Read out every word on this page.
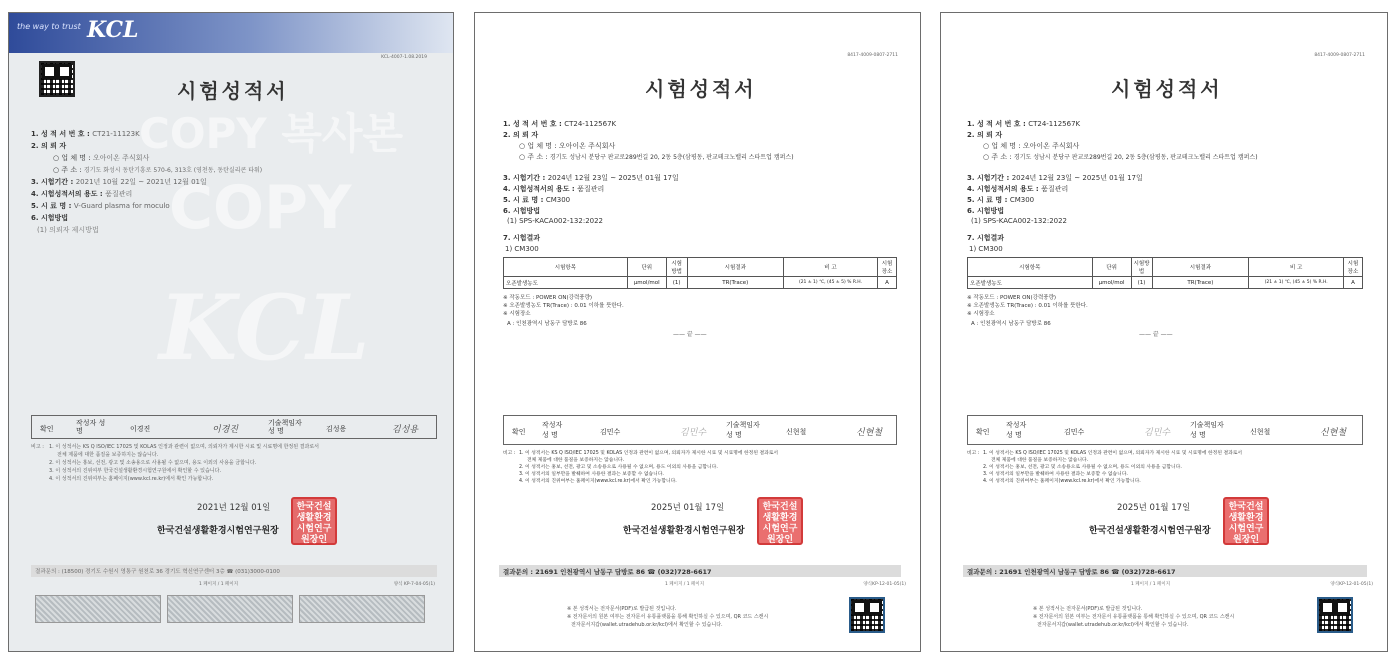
the way to trust KCL
COPY 복사본
COPY
KCL
KCL-4007-1.08.2019
시험성적서
1. 성 적 서 번 호 : CT21-11123K
2. 의 뢰 자
○ 업 체 명 : 오아이온 주식회사
○ 주 소 : 경기도 화성시 동탄기흥로 570-6, 313호 (영천동, 동탄실리콘 타워)
3. 시험기간 : 2021년 10월 22일 ~ 2021년 12월 01일
4. 시험성적서의 용도 : 품질관리
5. 시 료 명 : V-Guard plasma for moculo
6. 시험방법
(1) 의뢰자 제시방법
확인
작성자 성 명	이경진	이경진
기술책임자 성 명	김성용	김성용
비고 : 1. 이 성적서는 KS Q ISO/IEC 17025 및 KOLAS 인정과 관련이 없으며, 의뢰자가 제시한 시료 및 시료명에 한정된 결과로서
전체 제품에 대한 품질을 보증하지는 않습니다.
2. 이 성적서는 홍보, 선전, 광고 및 소송용으로 사용될 수 없으며, 용도 이외의 사용을 금합니다.
3. 이 성적서의 진위여부 한국건설생활환경시험연구원에서 확인할 수 있습니다.
4. 이 성적서의 진위여부는 홈페이지(www.kcl.re.kr)에서 확인 가능합니다.
2021년 12월 01일
한국건설생활환경시험연구원장
한국건설
생활환경
시험연구
원장인
결과문의 : (18500) 경기도 수원시 영통구 원천로 36 경기도 혁신연구센터 3층 ☎ (031)3000-0100
1 페이지 / 1 페이지	양식 KP-7-04-05(1)
8417-4009-0807-2711
시험성적서
1. 성 적 서 번 호 : CT24-112567K
2. 의 뢰 자
○ 업 체 명 : 오아이온 주식회사
○ 주 소 : 경기도 성남시 분당구 판교로289번길 20, 2동 5층(삼평동, 판교테크노밸리 스타트업 캠퍼스)
3. 시험기간 : 2024년 12월 23일 ~ 2025년 01월 17일
4. 시험성적서의 용도 : 품질관리
5. 시 료 명 : CM300
6. 시험방법
(1) SPS-KACA002-132:2022
7. 시험결과
1) CM300
시험항목	단위	시험방법	시험결과	비 고	시험장소
오존발생농도	μmol/mol	(1)	TR(Trace)	(21 ± 1) ℃, (45 ± 5) % R.H.	A
※ 작동모드 : POWER ON(강력풍량)
※ 오존발생농도 TR(Trace) : 0.01 이하를 뜻한다.
※ 시험장소
A : 인천광역시 남동구 담방로 86
—— 끝 ——
확인
작성자 성 명	김민수	김민수
기술책임자 성 명	신현철	신현철
비고 : 1. 이 성적서는 KS Q ISO/IEC 17025 및 KOLAS 인정과 관련이 없으며, 의뢰자가 제시한 시료 및 시료명에 한정된 결과로서
전체 제품에 대한 품질을 보증하지는 않습니다.
2. 이 성적서는 홍보, 선전, 광고 및 소송용으로 사용될 수 없으며, 용도 이외의 사용을 금합니다.
3. 이 성적서의 일부만을 발췌하여 사용한 결과는 보증할 수 없습니다.
4. 이 성적서의 진위여부는 홈페이지(www.kcl.re.kr)에서 확인 가능합니다.
2025년 01월 17일
한국건설생활환경시험연구원장
한국건설
생활환경
시험연구
원장인
결과문의 : 21691 인천광역시 남동구 담방로 86 ☎ (032)728-6617
1 페이지 / 1 페이지	양식KP-12-01-05(1)
※ 본 성적서는 전자문서(PDF)로 발급된 것입니다.
※ 전자문서의 원본 여부는 전자문서 유통플랫폼을 통해 확인하실 수 있으며, QR 코드 스캔시
전자문서지갑(wallet.utradehub.or.kr/kcl)에서 확인할 수 있습니다.
8417-4009-0807-2711
시험성적서
1. 성 적 서 번 호 : CT24-112567K
2. 의 뢰 자
○ 업 체 명 : 오아이온 주식회사
○ 주 소 : 경기도 성남시 분당구 판교로289번길 20, 2동 5층(삼평동, 판교테크노밸리 스타트업 캠퍼스)
3. 시험기간 : 2024년 12월 23일 ~ 2025년 01월 17일
4. 시험성적서의 용도 : 품질관리
5. 시 료 명 : CM300
6. 시험방법
(1) SPS-KACA002-132:2022
7. 시험결과
1) CM300
시험항목	단위	시험방법	시험결과	비 고	시험장소
오존발생농도	μmol/mol	(1)	TR(Trace)	(21 ± 1) ℃, (45 ± 5) % R.H.	A
※ 작동모드 : POWER ON(강력풍량)
※ 오존발생농도 TR(Trace) : 0.01 이하를 뜻한다.
※ 시험장소
A : 인천광역시 남동구 담방로 86
—— 끝 ——
확인
작성자 성 명	김민수	김민수
기술책임자 성 명	신현철	신현철
비고 : 1. 이 성적서는 KS Q ISO/IEC 17025 및 KOLAS 인정과 관련이 없으며, 의뢰자가 제시한 시료 및 시료명에 한정된 결과로서
전체 제품에 대한 품질을 보증하지는 않습니다.
2. 이 성적서는 홍보, 선전, 광고 및 소송용으로 사용될 수 없으며, 용도 이외의 사용을 금합니다.
3. 이 성적서의 일부만을 발췌하여 사용한 결과는 보증할 수 없습니다.
4. 이 성적서의 진위여부는 홈페이지(www.kcl.re.kr)에서 확인 가능합니다.
2025년 01월 17일
한국건설생활환경시험연구원장
한국건설
생활환경
시험연구
원장인
결과문의 : 21691 인천광역시 남동구 담방로 86 ☎ (032)728-6617
1 페이지 / 1 페이지	양식KP-12-01-05(1)
※ 본 성적서는 전자문서(PDF)로 발급된 것입니다.
※ 전자문서의 원본 여부는 전자문서 유통플랫폼을 통해 확인하실 수 있으며, QR 코드 스캔시
전자문서지갑(wallet.utradehub.or.kr/kcl)에서 확인할 수 있습니다.
